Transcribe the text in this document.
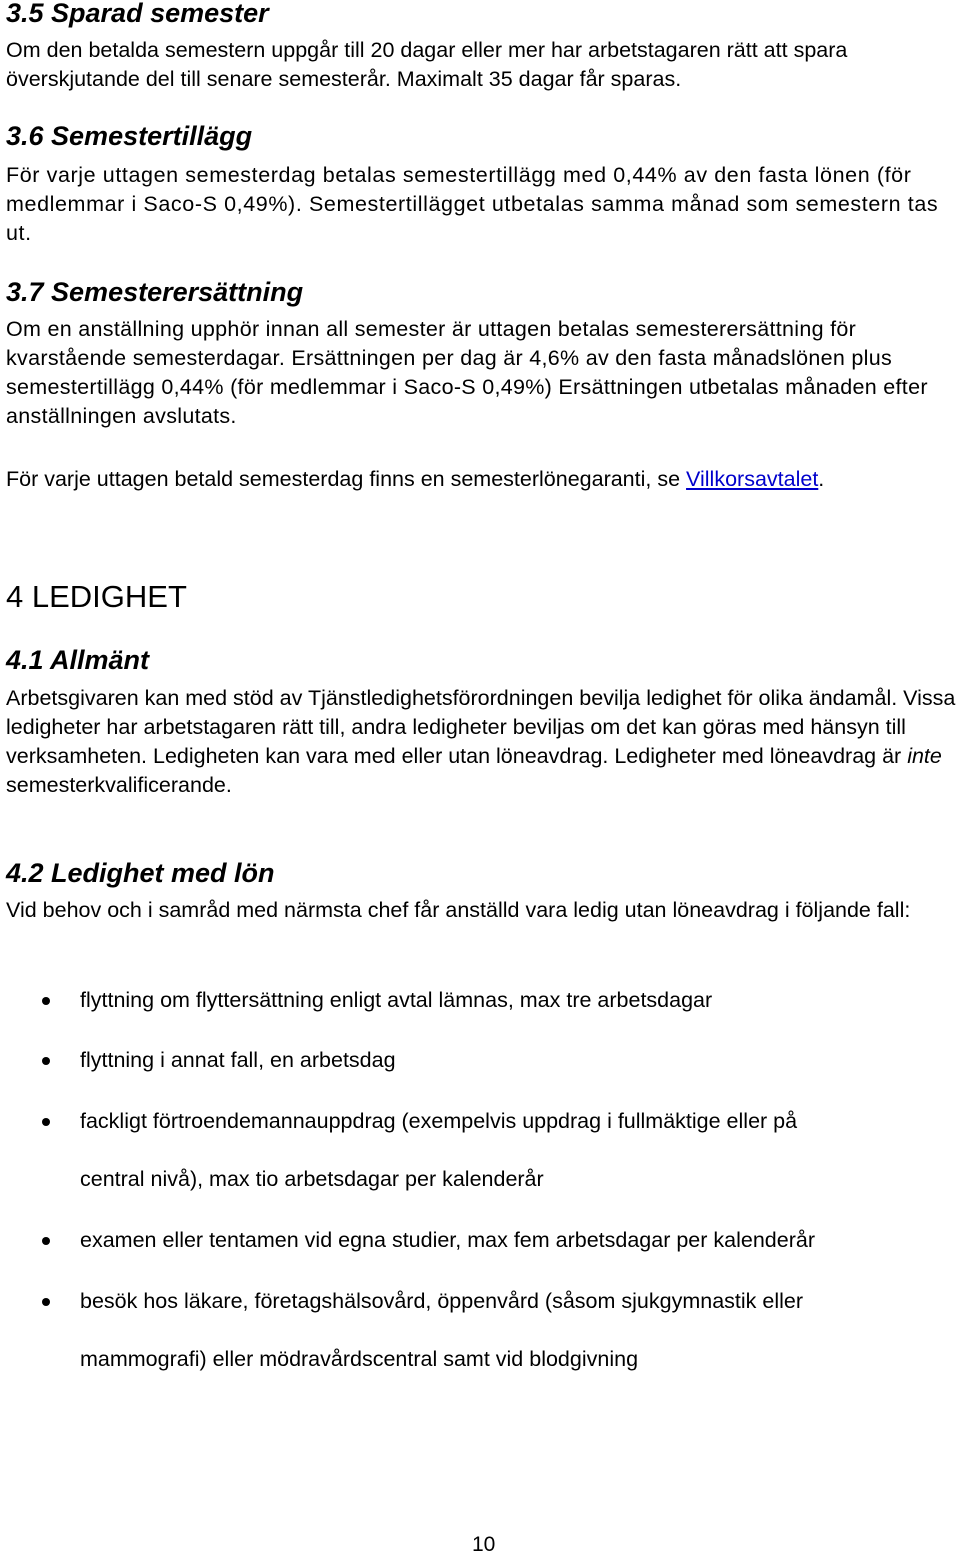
3.5 Sparad semester

Om den betalda semestern uppgår till 20 dagar eller mer har arbetstagaren rätt att spara överskjutande del till senare semesterår. Maximalt 35 dagar får sparas.

3.6 Semestertillägg

För varje uttagen semesterdag betalas semestertillägg med 0,44% av den fasta lönen (för medlemmar i Saco-S 0,49%). Semestertillägget utbetalas samma månad som semestern tas ut.

3.7 Semesterersättning

Om en anställning upphör innan all semester är uttagen betalas semesterersättning för kvarstående semesterdagar. Ersättningen per dag är 4,6% av den fasta månadslönen plus semestertillägg 0,44% (för medlemmar i Saco-S 0,49%) Ersättningen utbetalas månaden efter anställningen avslutats.

För varje uttagen betald semesterdag finns en semesterlönegaranti, se Villkorsavtalet.

4 LEDIGHET
4.1 Allmänt

Arbetsgivaren kan med stöd av Tjänstledighetsförordningen bevilja ledighet för olika ändamål. Vissa ledigheter har arbetstagaren rätt till, andra ledigheter beviljas om det kan göras med hänsyn till verksamheten. Ledigheten kan vara med eller utan löneavdrag. Ledigheter med löneavdrag är inte semesterkvalificerande.

4.2 Ledighet med lön

Vid behov och i samråd med närmsta chef får anställd vara ledig utan löneavdrag i följande fall:

flyttning om flyttersättning enligt avtal lämnas, max tre arbetsdagar
flyttning i annat fall, en arbetsdag
fackligt förtroendemannauppdrag (exempelvis uppdrag i fullmäktige eller på
central nivå), max tio arbetsdagar per kalenderår
examen eller tentamen vid egna studier, max fem arbetsdagar per kalenderår
besök hos läkare, företagshälsovård, öppenvård (såsom sjukgymnastik eller
mammografi) eller mödravårdscentral samt vid blodgivning
10
